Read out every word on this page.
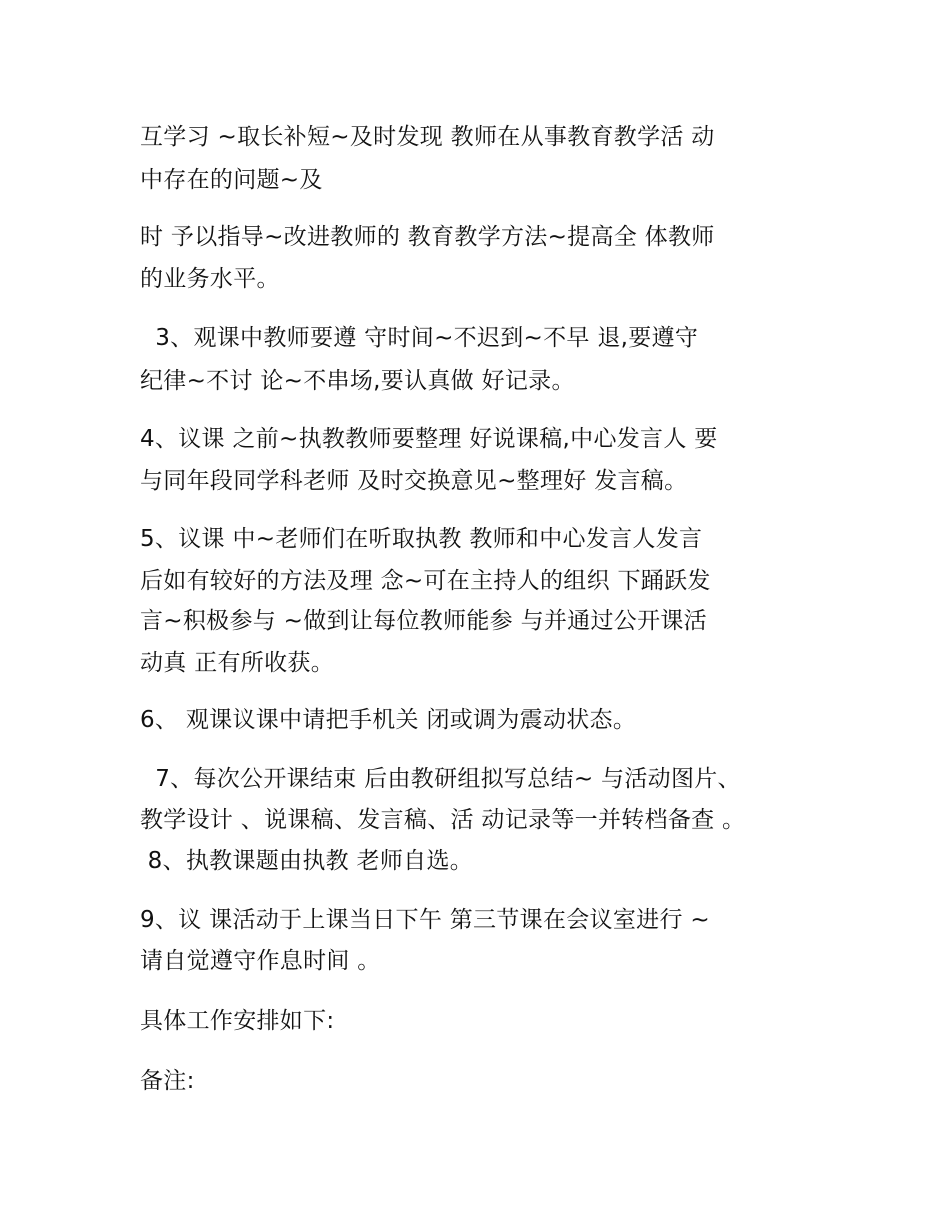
互学习 ~取长补短~及时发现 教师在从事教育教学活 动
中存在的问题~及
时 予以指导~改进教师的 教育教学方法~提高全 体教师
的业务水平。
3、观课中教师要遵 守时间~不迟到~不早 退,要遵守
纪律~不讨 论~不串场,要认真做 好记录。
4、议课 之前~执教教师要整理 好说课稿,中心发言人 要
与同年段同学科老师 及时交换意见~整理好 发言稿。
5、议课 中~老师们在听取执教 教师和中心发言人发言
后如有较好的方法及理 念~可在主持人的组织 下踊跃发
言~积极参与 ~做到让每位教师能参 与并通过公开课活
动真 正有所收获。
6、 观课议课中请把手机关 闭或调为震动状态。
7、每次公开课结束 后由教研组拟写总结~ 与活动图片、
教学设计 、说课稿、发言稿、活 动记录等一并转档备查 。
8、执教课题由执教 老师自选。
9、议 课活动于上课当日下午 第三节课在会议室进行 ~
请自觉遵守作息时间 。
具体工作安排如下:
备注:
